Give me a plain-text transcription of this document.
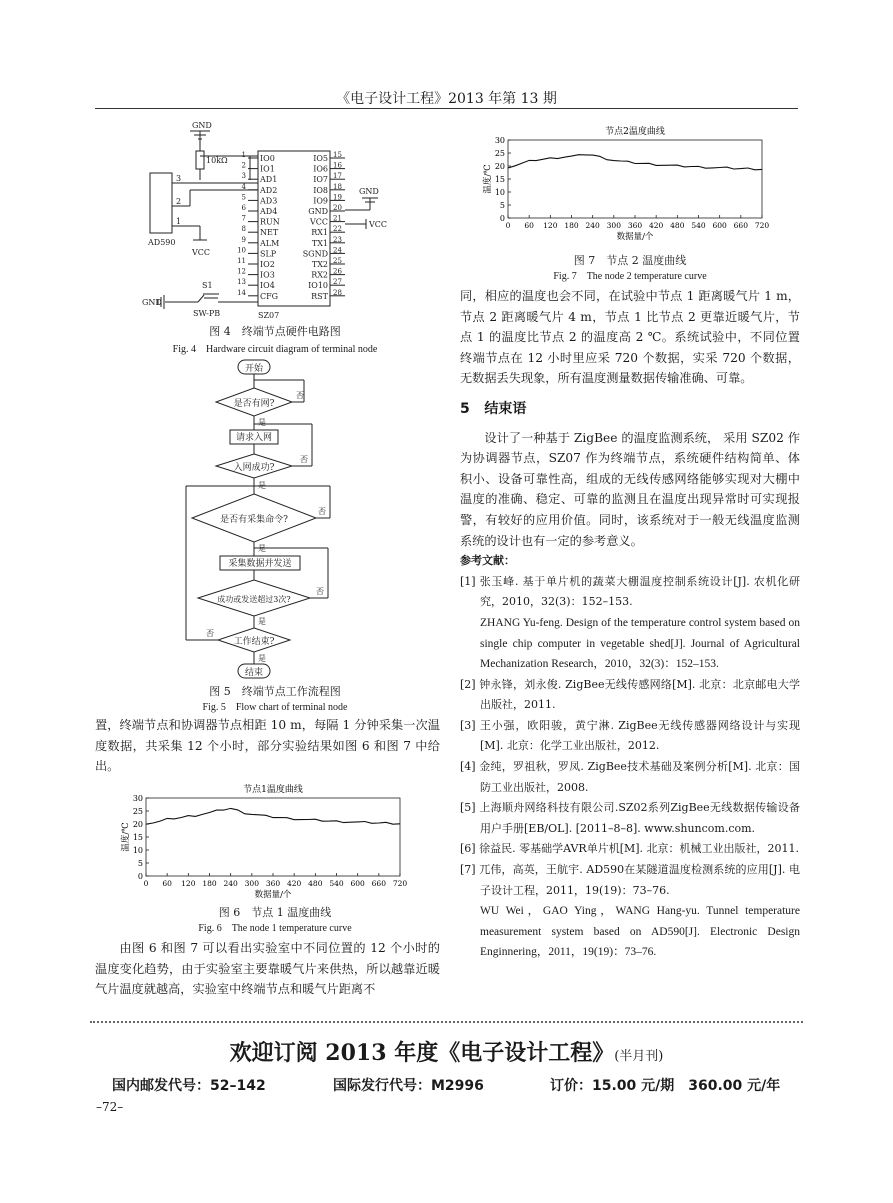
《电子设计工程》2013 年第 13 期
GND
10kΩ
3
2
1
AD590
VCC
S1
SW-PB
GND
GND
VCC
SZ07
IO0
1
IO1
2
AD1
3
AD2
4
AD3
5
AD4
6
RUN
7
NET
8
ALM
9
SLP
10
IO2
11
IO3
12
IO4
13
CFG
14
IO5 15
IO6 16
IO7 17
IO8 18
IO9 19
GND 20
VCC 21
RX1 22
TX1 23
SGND 24
TX2 25
RX2 26
IO10 27
RST 28
图 4　终端节点硬件电路图
Fig. 4　Hardware circuit diagram of terminal node
开始
是否有网?
请求入网
入网成功?
是否有采集命令?
采集数据并发送
成功或发送超过3次?
工作结束?
结束
是
否
是
否
是
否
是
否
是
否
图 5　终端节点工作流程图
Fig. 5　Flow chart of terminal node

置，终端节点和协调器节点相距 10 m，每隔 1 分钟采集一次温度数据，共采集 12 个小时，部分实验结果如图 6 和图 7 中给出。

节点1温度曲线
0
5
10
15
20
25
30
0 60 120 180 240 300 360 420 480 540 600 660 720
数据量/个
温度/℃
图 6　节点 1 温度曲线
Fig. 6　The node 1 temperature curve

由图 6 和图 7 可以看出实验室中不同位置的 12 个小时的温度变化趋势，由于实验室主要靠暖气片来供热，所以越靠近暖气片温度就越高，实验室中终端节点和暖气片距离不

节点2温度曲线
0
5
10
15
20
25
30
0 60 120 180 240 300 360 420 480 540 600 660 720
数据量/个
温度/℃
图 7　节点 2 温度曲线
Fig. 7　The node 2 temperature curve

同，相应的温度也会不同，在试验中节点 1 距离暖气片 1 m，节点 2 距离暖气片 4 m，节点 1 比节点 2 更靠近暖气片，节点 1 的温度比节点 2 的温度高 2 ℃。系统试验中，不同位置终端节点在 12 小时里应采 720 个数据，实采 720 个数据，无数据丢失现象，所有温度测量数据传输准确、可靠。

5 结束语

设计了一种基于 ZigBee 的温度监测系统， 采用 SZ02 作为协调器节点，SZ07 作为终端节点，系统硬件结构简单、体积小、设备可靠性高，组成的无线传感网络能够实现对大棚中温度的准确、稳定、可靠的监测且在温度出现异常时可实现报警，有较好的应用价值。同时，该系统对于一般无线温度监测系统的设计也有一定的参考意义。

参考文献：

[1] 张玉峰. 基于单片机的蔬菜大棚温度控制系统设计[J]. 农机化研究，2010，32(3)：152–153.

ZHANG Yu-feng. Design of the temperature control system based on single chip computer in vegetable shed[J]. Journal of Agricultural Mechanization Research，2010，32(3)：152–153.

[2] 钟永锋，刘永俊. ZigBee无线传感网络[M]. 北京：北京邮电大学出版社，2011.

[3] 王小强，欧阳骏，黄宁淋. ZigBee无线传感器网络设计与实现[M]. 北京：化学工业出版社，2012.

[4] 金纯，罗祖秋，罗凤. ZigBee技术基础及案例分析[M]. 北京：国防工业出版社，2008.

[5] 上海顺舟网络科技有限公司.SZ02系列ZigBee无线数据传输设备用户手册[EB/OL]. [2011–8–8]. www.shuncom.com.

[6] 徐益民. 零基础学AVR单片机[M]. 北京：机械工业出版社，2011.

[7] 兀伟，高英，王航宇. AD590在某隧道温度检测系统的应用[J]. 电子设计工程，2011，19(19)：73–76.

WU Wei，GAO Ying，WANG Hang-yu. Tunnel temperature measurement system based on AD590[J]. Electronic Design Enginnering，2011，19(19)：73–76.

欢迎订阅 2013 年度《电子设计工程》(半月刊)
国内邮发代号：52–142	国际发行代号：M2996	订价：15.00 元/期　360.00 元/年
–72–
